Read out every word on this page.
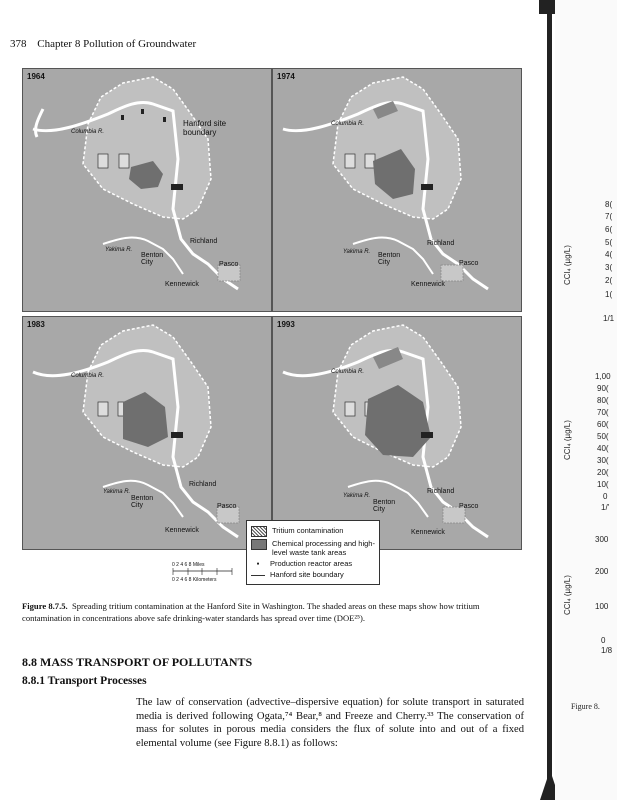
378 Chapter 8 Pollution of Groundwater
1964
Columbia R.
Hanford site boundary
Richland
Yakima R.
Benton City	Pasco
Kennewick
1974
Columbia R.
Richland
Yakima R. Benton City	Pasco
Kennewick
1983
Columbia R.
Richland
Yakima R.
Benton City	Pasco
Kennewick
1993
Columbia R.
Richland
Yakima R.
Benton City	Pasco
Kennewick
Tritium contamination
Chemical processing and high-level waste tank areas
▪	Production reactor areas
Hanford site boundary
0 2 4 6 8 Miles
0 2 4 6 8 Kilometers
Figure 8.7.5. Spreading tritium contamination at the Hanford Site in Washington. The shaded areas on these maps show how tritium contamination in concentrations above safe drinking-water standards has spread over time (DOE²⁵).
8.8 MASS TRANSPORT OF POLLUTANTS
8.8.1 Transport Processes
The law of conservation (advective–dispersive equation) for solute transport in saturated media is derived following Ogata,⁷⁴ Bear,⁸ and Freeze and Cherry.³³ The conservation of mass for solutes in porous media considers the flux of solute into and out of a fixed elemental volume (see Figure 8.8.1) as follows:
CCl₄ (µg/L)
8(
7(
6(
5(
4(
3(
2(
1(
1/1
CCl₄ (µg/L)
1,00
90(
80(
70(
60(
50(
40(
30(
20(
10(
0
1/'
300
CCl₄ (µg/L)
200
100
0
1/8
Figure 8.
